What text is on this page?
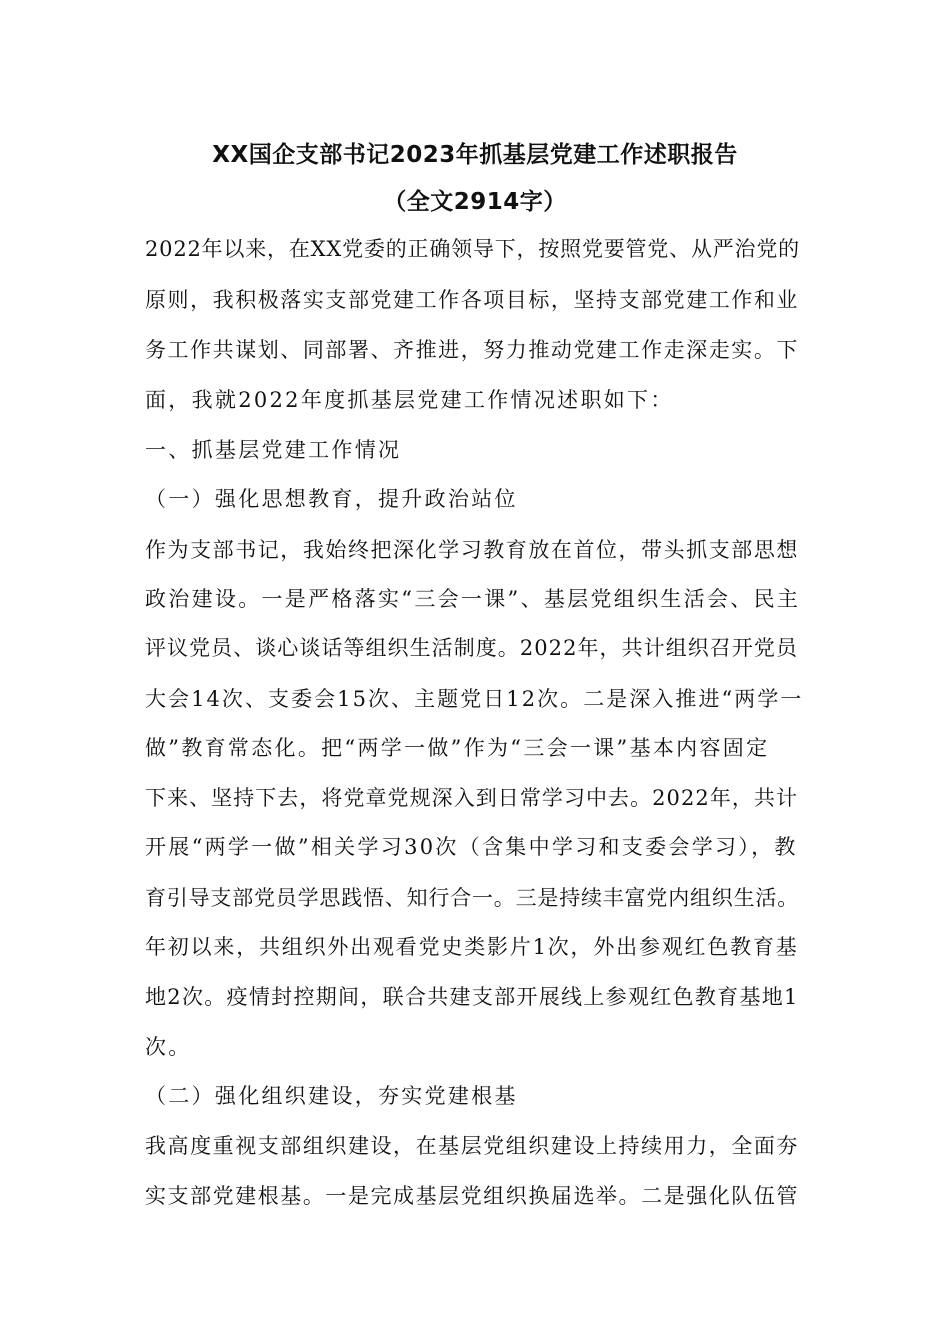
XX国企支部书记2023年抓基层党建工作述职报告
（全文2914字）
2022年以来，在XX党委的正确领导下，按照党要管党、从严治党的
原则，我积极落实支部党建工作各项目标，坚持支部党建工作和业
务工作共谋划、同部署、齐推进，努力推动党建工作走深走实。下
面，我就2022年度抓基层党建工作情况述职如下：
一、抓基层党建工作情况
（一）强化思想教育，提升政治站位
作为支部书记，我始终把深化学习教育放在首位，带头抓支部思想
政治建设。一是严格落实“三会一课”、基层党组织生活会、民主
评议党员、谈心谈话等组织生活制度。2022年，共计组织召开党员
大会14次、支委会15次、主题党日12次。二是深入推进“两学一
做”教育常态化。把“两学一做”作为“三会一课”基本内容固定
下来、坚持下去，将党章党规深入到日常学习中去。2022年，共计
开展“两学一做”相关学习30次（含集中学习和支委会学习），教
育引导支部党员学思践悟、知行合一。三是持续丰富党内组织生活。
年初以来，共组织外出观看党史类影片1次，外出参观红色教育基
地2次。疫情封控期间，联合共建支部开展线上参观红色教育基地1
次。
（二）强化组织建设，夯实党建根基
我高度重视支部组织建设，在基层党组织建设上持续用力，全面夯
实支部党建根基。一是完成基层党组织换届选举。二是强化队伍管
